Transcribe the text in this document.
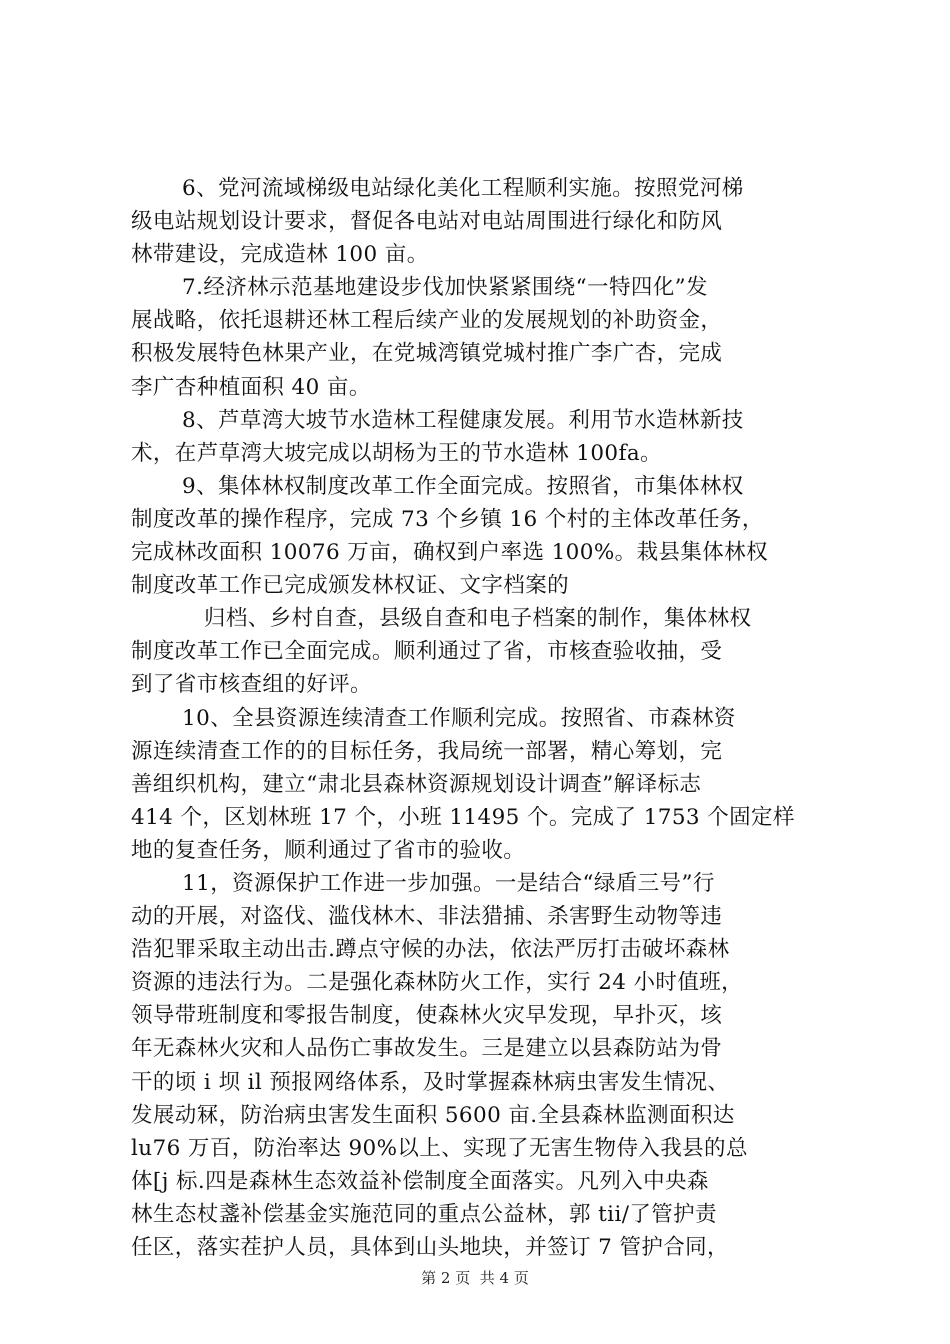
　　 6、党河流域梯级电站绿化美化工程顺利实施。按照党河梯
级电站规划设计要求，督促各电站对电站周围进行绿化和防风
林带建设，完成造林 100 亩。
　　 7.经济林示范基地建设步伐加快紧紧围绕“一特四化”发
展战略，依托退耕还林工程后续产业的发展规划的补助资金，
积极发展特色林果产业，在党城湾镇党城村推广李广杏，完成
李广杏种植面积 40 亩。
　　 8、芦草湾大坡节水造林工程健康发展。利用节水造林新技
术，在芦草湾大坡完成以胡杨为王的节水造林 100fa。
　　 9、集体林权制度改革工作全面完成。按照省，市集体林权
制度改革的操作程序，完成 73 个乡镇 16 个村的主体改革任务，
完成林改面积 10076 万亩，确权到户率选 100%。栽县集体林权
制度改革工作已完成颁发林权证、文字档案的
　　　 归档、乡村自查，县级自查和电子档案的制作，集体林权
制度改革工作已全面完成。顺利通过了省，市核查验收抽，受
到了省市核查组的好评。
　　 10、全县资源连续清查工作顺利完成。按照省、市森林资
源连续清查工作的的目标任务，我局统一部署，精心筹划，完
善组织机构，建立“肃北县森林资源规划设计调查”解译标志
414 个，区划林班 17 个，小班 11495 个。完成了 1753 个固定样
地的复查任务，顺利通过了省市的验收。
　　 11，资源保护工作进一步加强。一是结合“绿盾三号”行
动的开展，对盗伐、滥伐林木、非法猎捕、杀害野生动物等违
浩犯罪采取主动出击.蹲点守候的办法，依法严厉打击破坏森林
资源的违法行为。二是强化森林防火工作，实行 24 小时值班，
领导带班制度和零报告制度，使森林火灾早发现，早扑灭，垓
年无森林火灾和人品伤亡事故发生。三是建立以县森防站为骨
干的顷 i 坝 il 预报网络体系，及时掌握森林病虫害发生情况、
发展动冧，防治病虫害发生面积 5600 亩.全县森林监测面积达
lu76 万百，防治率达 90%以上、实现了无害生物侍入我县的总
体[j 标.四是森林生态效益补偿制度全面落实。凡列入中央森
林生态杖盞补偿基金实施范同的重点公益林，郭 tii/了管护责
任区，落实茬护人员，具体到山头地块，并签订 7 管护合同，
第 2 页 共 4 页
